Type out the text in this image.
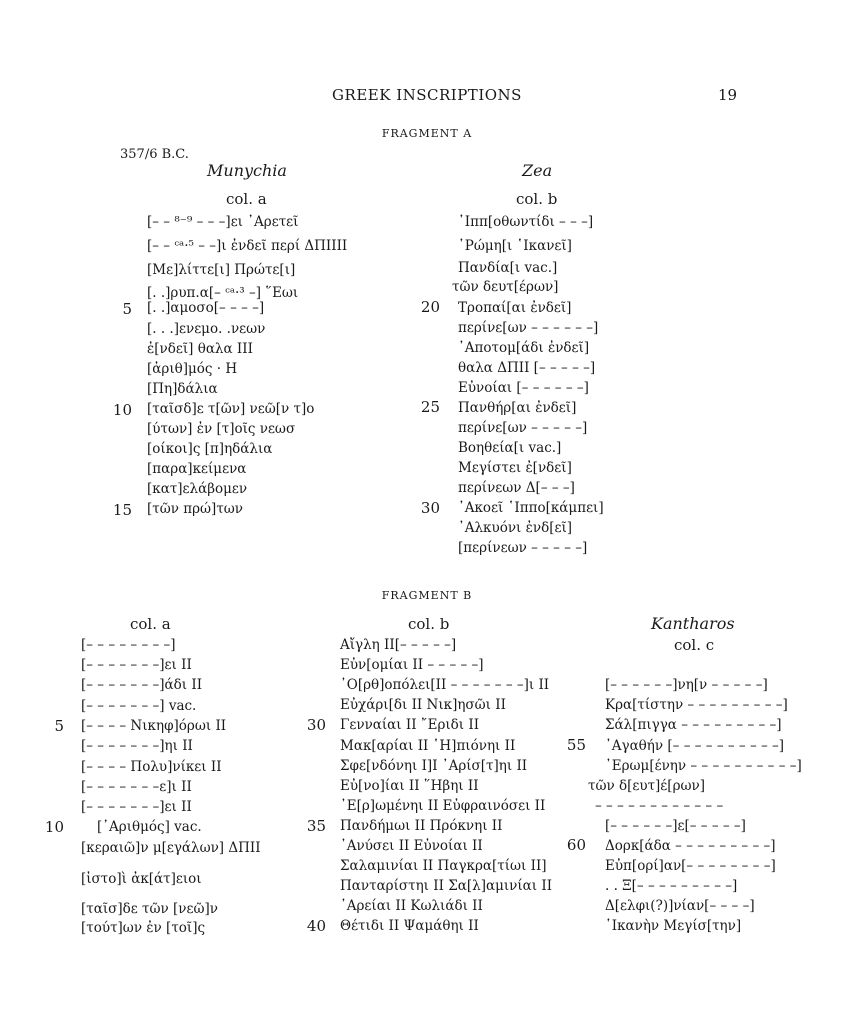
GREEK INSCRIPTIONS	19
FRAGMENT A
357/6 B.C.
Munychia	Zea
col. a	col. b
[– – ⁸⁻⁹ – – –]ει ᾿Αρετεῖ
[– – ᶜᵃ·⁵ – –]ι ἐνδεῖ περί ΔΠΙΙΙΙ
[Με]λίττε[ι] Πρώτε[ι]
[. .]ρυπ.α[– ᶜᵃ·³ –] ῞Εωι
[. .]αμοσο[– – – –]
[. . .]ενεμο. .νεων
ἐ[νδεῖ] θαλα ΙΙΙ
[ἀριθ]μός · Η
[Πη]δάλια
[ταῖσδ]ε τ[ῶν] νεῶ[ν τ]ο
[ύτων] ἐν [τ]οῖς νεωσ
[οίκοι]ς [π]ηδάλια
[παρα]κείμενα
[κατ]ελάβομεν
[τῶν πρώ]των
5
10
15
῾Ιππ[οθωντίδι – – –]
῾Ρώμη[ι ῾Ικανεῖ]
Πανδία[ι vac.]
τῶν δευτ[έρων]
Τροπαί[αι ἐνδεῖ]
περίνε[ων – – – – – –]
᾿Αποτομ[άδι ἐνδεῖ]
θαλα ΔΠΙΙ [– – – – –]
Εὐνοίαι [– – – – – –]
Πανθήρ[αι ἐνδεῖ]
περίνε[ων – – – – –]
Βοηθεία[ι vac.]
Μεγίστει ἐ[νδεῖ]
περίνεων Δ[– – –]
᾿Ακοεῖ ῾Ιππο[κάμπει]
᾿Αλκυόνι ἐνδ[εῖ]
[περίνεων – – – – –]
20
25
30
FRAGMENT B
col. a	col. b	Kantharos
col. c
[– – – – – – – –]
[– – – – – – –]ει ΙΙ
[– – – – – – –]άδι ΙΙ
[– – – – – – –] vac.
[– – – – Νικηφ]όρωι ΙΙ
[– – – – – – –]ηι ΙΙ
[– – – – Πολυ]νίκει ΙΙ
[– – – – – – –ε]ι ΙΙ
[– – – – – – –]ει ΙΙ
[᾿Αριθμός] vac.
[κεραιῶ]ν μ[εγάλων] ΔΠΙΙ
[ἰστο]ὶ ἀκ[άτ]ειοι
[ταῖσ]δε τῶν [νεῶ]ν
[τούτ]ων ἐν [τοῖ]ς
5
10
Αἴγλη ΙΙ[– – – – –]
Εὐν[ομίαι ΙΙ – – – – –]
᾿Ο[ρθ]οπόλει[ΙΙ – – – – – – –]ι ΙΙ
Εὐχάρι[δι ΙΙ Νικ]ησῶι ΙΙ
Γενναίαι ΙΙ ῎Εριδι ΙΙ
Μακ[αρίαι ΙΙ ῾Η]πιόνηι ΙΙ
Σφε[νδόνηι Ι]Ι ᾿Αρίσ[τ]ηι ΙΙ
Εὐ[νο]ίαι ΙΙ ῞Ηβηι ΙΙ
᾿Ε[ρ]ωμένηι ΙΙ Εὐφραινόσει ΙΙ
Πανδήμωι ΙΙ Πρόκνηι ΙΙ
᾿Ανύσει ΙΙ Εὐνοίαι ΙΙ
Σαλαμινίαι ΙΙ Παγκρα[τίωι ΙΙ]
Πανταρίστηι ΙΙ Σα[λ]αμινίαι ΙΙ
᾿Αρείαι ΙΙ Κωλιάδι ΙΙ
Θέτιδι ΙΙ Ψαμάθηι ΙΙ
30
35
40
[– – – – – –]νη[ν – – – – –]
Κρα[τίστην – – – – – – – – –]
Σάλ[πιγγα – – – – – – – – –]
᾿Αγαθήν [– – – – – – – – – –]
᾿Ερωμ[ένην – – – – – – – – – –]
τῶν δ[ευτ]έ[ρων]
– – – – – – – – – – – –
[– – – – – –]ε[– – – – –]
Δορκ[άδα – – – – – – – – –]
Εὐπ[ορί]αν[– – – – – – – –]
. . Ξ[– – – – – – – – –]
Δ[ελφι(?)]νίαν[– – – –]
῾Ικανὴν Μεγίσ[την]
55
60
